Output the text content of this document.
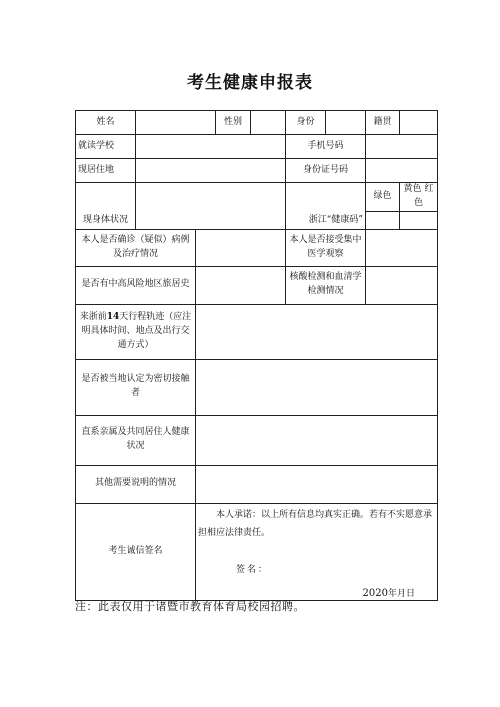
考生健康申报表
姓名			性别		身份		籍贯	
就读学校					手机号码			
现居住地					身份证号码			
现身体状况					浙江“健康码”		绿色	黄色 红色

本人是否确诊（疑似）病例及治疗情况					本人是否接受集中医学观察			
是否有中高风险地区旅居史					核酸检测和血清学检测情况			
来浙前14天行程轨迹（应注明具体时间、地点及出行交通方式）								
是否被当地认定为密切接触者								
直系亲属及共同居住人健康状况								
其他需要说明的情况								
考生诚信签名		本人承诺：以上所有信息均真实正确。若有不实愿意承担相应法律责任。
签名：
2020年月日						
注：此表仅用于诸暨市教育体育局校园招聘。
